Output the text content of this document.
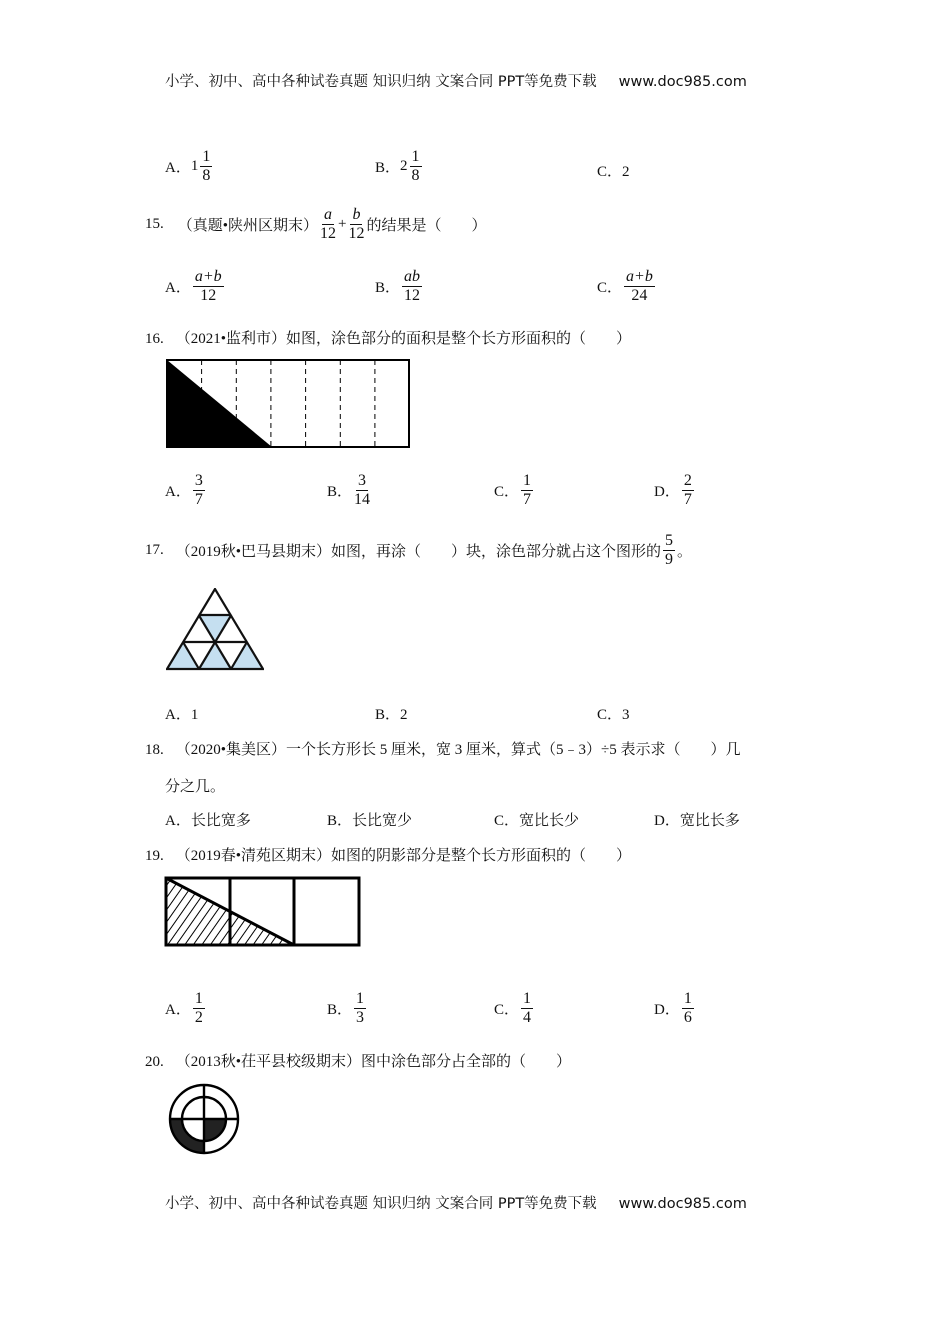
小学、初中、高中各种试卷真题 知识归纳 文案合同 PPT等免费下载 www.doc985.com
A． $1 \frac{1}{8}$	B． $2 \frac{1}{8}$	C．2
15. （真题•陕州区期末） $\frac{a}{12} + \frac{b}{12}$ 的结果是（　　）
A． $\frac{a+b}{12}$	B． $\frac{ab}{12}$	C． $\frac{a+b}{24}$
16. （2021•监利市）如图，涂色部分的面积是整个长方形面积的（　　）
A． $\frac{3}{7}$	B． $\frac{3}{14}$	C． $\frac{1}{7}$	D． $\frac{2}{7}$
17. （2019秋•巴马县期末）如图，再涂（　　）块，涂色部分就占这个图形的 $\frac{5}{9}$ 。
A．1	B．2	C．3
18. （2020•集美区）一个长方形长 5 厘米，宽 3 厘米，算式（5﹣3）÷5 表示求（　　）几
分之几。
A．长比宽多	B．长比宽少	C．宽比长少	D．宽比长多
19. （2019春•清苑区期末）如图的阴影部分是整个长方形面积的（　　）
A． $\frac{1}{2}$	B． $\frac{1}{3}$	C． $\frac{1}{4}$	D． $\frac{1}{6}$
20. （2013秋•茌平县校级期末）图中涂色部分占全部的（　　）
小学、初中、高中各种试卷真题 知识归纳 文案合同 PPT等免费下载 www.doc985.com
